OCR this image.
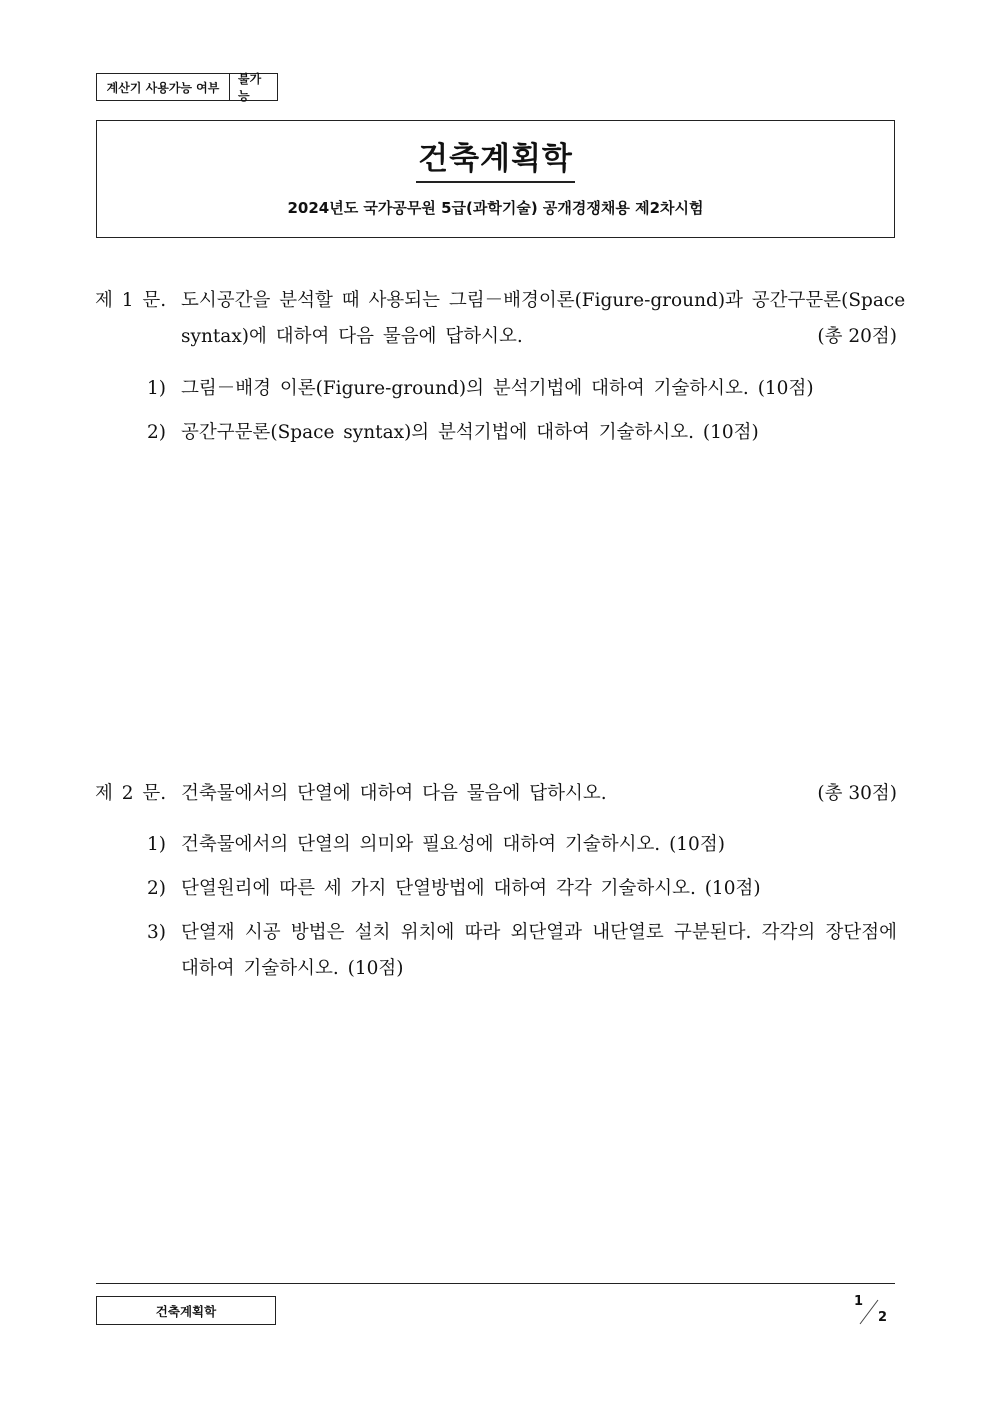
계산기 사용가능 여부
불가능
건축계획학
2024년도 국가공무원 5급(과학기술) 공개경쟁채용 제2차시험
제 1 문. 도시공간을 분석할 때 사용되는 그림－배경이론(Figure-ground)과 공간구문론(Space
syntax)에 대하여 다음 물음에 답하시오.	(총 20점)
1) 그림－배경 이론(Figure-ground)의 분석기법에 대하여 기술하시오. (10점)
2) 공간구문론(Space syntax)의 분석기법에 대하여 기술하시오. (10점)
제 2 문. 건축물에서의 단열에 대하여 다음 물음에 답하시오.	(총 30점)
1) 건축물에서의 단열의 의미와 필요성에 대하여 기술하시오. (10점)
2) 단열원리에 따른 세 가지 단열방법에 대하여 각각 기술하시오. (10점)
3) 단열재 시공 방법은 설치 위치에 따라 외단열과 내단열로 구분된다. 각각의 장단점에
대하여 기술하시오. (10점)
건축계획학
1
2
